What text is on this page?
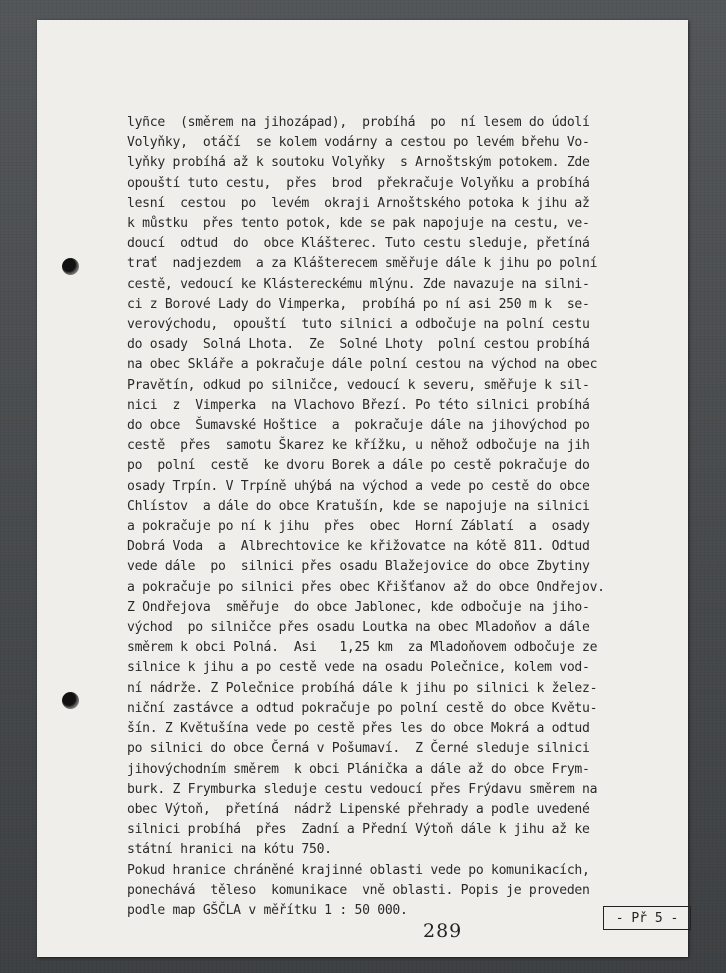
lyñce  (směrem na jihozápad),  probíhá  po  ní lesem do údolí
Volyňky,  otáčí  se kolem vodárny a cestou po levém břehu Vo-
lyňky probíhá až k soutoku Volyňky  s Arnoštským potokem. Zde
opouští tuto cestu,  přes  brod  překračuje Volyňku a probíhá
lesní  cestou  po  levém  okraji Arnoštského potoka k jihu až
k můstku  přes tento potok, kde se pak napojuje na cestu, ve-
doucí  odtud  do  obce Klášterec. Tuto cestu sleduje, přetíná
trať  nadjezdem  a za Klášterecem směřuje dále k jihu po polní
cestě, vedoucí ke Klástereckému mlýnu. Zde navazuje na silni-
ci z Borové Lady do Vimperka,  probíhá po ní asi 250 m k  se-
verovýchodu,  opouští  tuto silnici a odbočuje na polní cestu
do osady  Solná Lhota.  Ze  Solné Lhoty  polní cestou probíhá
na obec Skláře a pokračuje dále polní cestou na východ na obec
Pravětín, odkud po silničce, vedoucí k severu, směřuje k sil-
nici  z  Vimperka  na Vlachovo Březí. Po této silnici probíhá
do obce  Šumavské Hoštice  a  pokračuje dále na jihovýchod po
cestě  přes  samotu Škarez ke křížku, u něhož odbočuje na jih
po  polní  cestě  ke dvoru Borek a dále po cestě pokračuje do
osady Trpín. V Trpíně uhýbá na východ a vede po cestě do obce
Chlístov  a dále do obce Kratušín, kde se napojuje na silnici
a pokračuje po ní k jihu  přes  obec  Horní Záblatí  a  osady
Dobrá Voda  a  Albrechtovice ke křižovatce na kótě 811. Odtud
vede dále  po  silnici přes osadu Blažejovice do obce Zbytiny
a pokračuje po silnici přes obec Křišťanov až do obce Ondřejov.
Z Ondřejova  směřuje  do obce Jablonec, kde odbočuje na jiho-
východ  po silničce přes osadu Loutka na obec Mladoňov a dále
směrem k obci Polná.  Asi   1,25 km  za Mladoňovem odbočuje ze
silnice k jihu a po cestě vede na osadu Polečnice, kolem vod-
ní nádrže. Z Polečnice probíhá dále k jihu po silnici k želez-
niční zastávce a odtud pokračuje po polní cestě do obce Květu-
šín. Z Květušína vede po cestě přes les do obce Mokrá a odtud
po silnici do obce Černá v Pošumaví.  Z Černé sleduje silnici
jihovýchodním směrem  k obci Plánička a dále až do obce Frym-
burk. Z Frymburka sleduje cestu vedoucí přes Frýdavu směrem na
obec Výtoň,  přetíná  nádrž Lipenské přehrady a podle uvedené
silnici probíhá  přes  Zadní a Přední Výtoň dále k jihu až ke
státní hranici na kótu 750.
Pokud hranice chráněné krajinné oblasti vede po komunikacích,
ponechává  těleso  komunikace  vně oblasti. Popis je proveden
podle map GŠČLA v měřítku 1 : 50 000.
289
- Př 5 -
